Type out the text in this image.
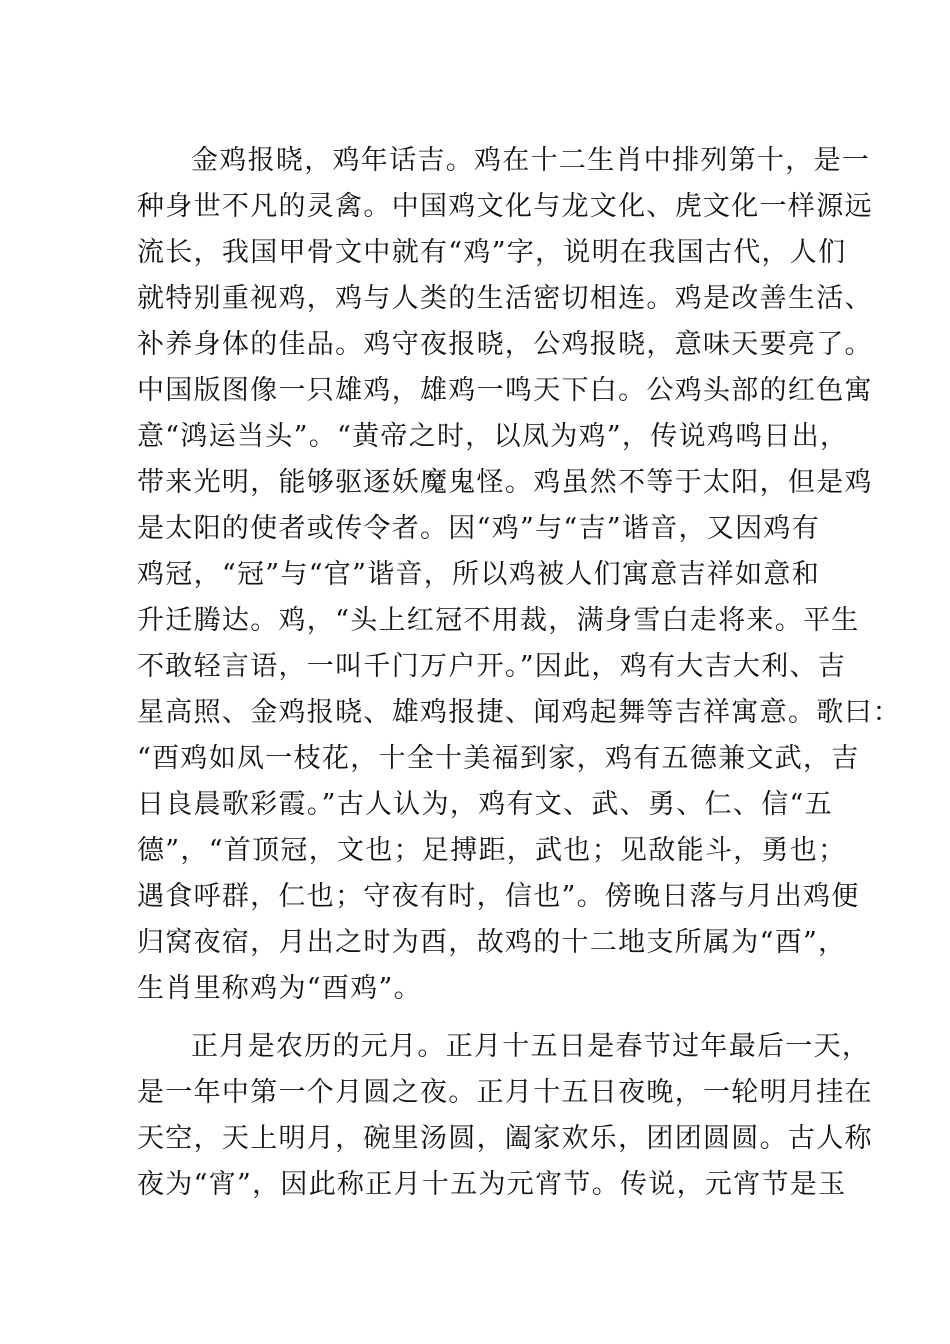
金鸡报晓，鸡年话吉。鸡在十二生肖中排列第十，是一
种身世不凡的灵禽。中国鸡文化与龙文化、虎文化一样源远
流长，我国甲骨文中就有“鸡”字，说明在我国古代，人们
就特别重视鸡，鸡与人类的生活密切相连。鸡是改善生活、
补养身体的佳品。鸡守夜报晓，公鸡报晓，意味天要亮了。
中国版图像一只雄鸡，雄鸡一鸣天下白。公鸡头部的红色寓
意“鸿运当头”。“黄帝之时，以凤为鸡”，传说鸡鸣日出，
带来光明，能够驱逐妖魔鬼怪。鸡虽然不等于太阳，但是鸡
是太阳的使者或传令者。因“鸡”与“吉”谐音，又因鸡有
鸡冠，“冠”与“官”谐音，所以鸡被人们寓意吉祥如意和
升迁腾达。鸡，“头上红冠不用裁，满身雪白走将来。平生
不敢轻言语，一叫千门万户开。”因此，鸡有大吉大利、吉
星高照、金鸡报晓、雄鸡报捷、闻鸡起舞等吉祥寓意。歌曰：
“酉鸡如凤一枝花，十全十美福到家，鸡有五德兼文武，吉
日良晨歌彩霞。”古人认为，鸡有文、武、勇、仁、信“五
德”，“首顶冠，文也；足搏距，武也；见敌能斗，勇也；
遇食呼群，仁也；守夜有时，信也”。傍晚日落与月出鸡便
归窝夜宿，月出之时为酉，故鸡的十二地支所属为“酉”，
生肖里称鸡为“酉鸡”。

正月是农历的元月。正月十五日是春节过年最后一天，
是一年中第一个月圆之夜。正月十五日夜晚，一轮明月挂在
天空，天上明月，碗里汤圆，阖家欢乐，团团圆圆。古人称
夜为“宵”，因此称正月十五为元宵节。传说，元宵节是玉
